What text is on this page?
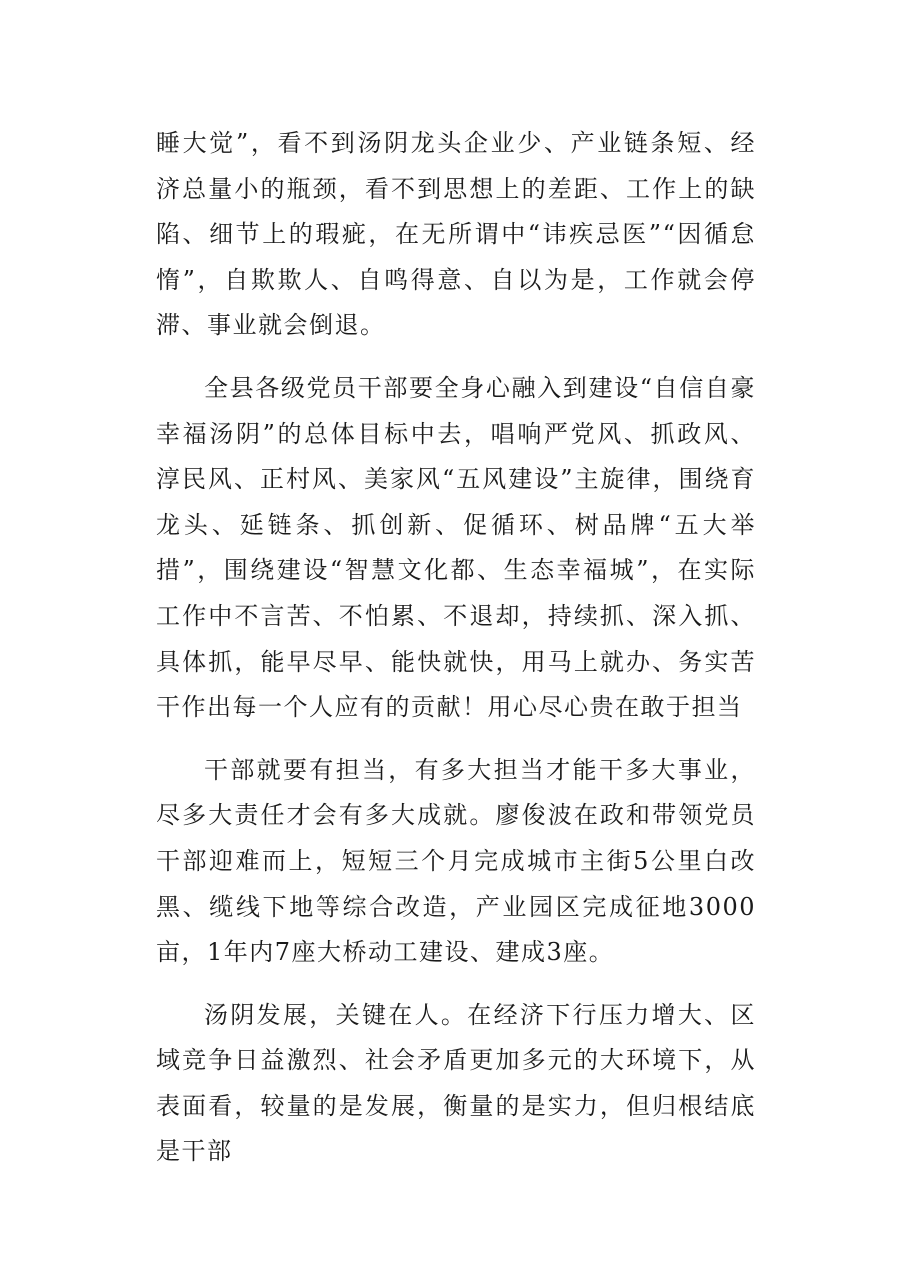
睡大觉”，看不到汤阴龙头企业少、产业链条短、经济总量小的瓶颈，看不到思想上的差距、工作上的缺陷、细节上的瑕疵，在无所谓中“讳疾忌医”“因循怠惰”，自欺欺人、自鸣得意、自以为是，工作就会停滞、事业就会倒退。

全县各级党员干部要全身心融入到建设“自信自豪幸福汤阴”的总体目标中去，唱响严党风、抓政风、淳民风、正村风、美家风“五风建设”主旋律，围绕育龙头、延链条、抓创新、促循环、树品牌“五大举措”，围绕建设“智慧文化都、生态幸福城”，在实际工作中不言苦、不怕累、不退却，持续抓、深入抓、具体抓，能早尽早、能快就快，用马上就办、务实苦干作出每一个人应有的贡献！用心尽心贵在敢于担当

干部就要有担当，有多大担当才能干多大事业，尽多大责任才会有多大成就。廖俊波在政和带领党员干部迎难而上，短短三个月完成城市主街5公里白改黑、缆线下地等综合改造，产业园区完成征地3000亩，1年内7座大桥动工建设、建成3座。

汤阴发展，关键在人。在经济下行压力增大、区域竞争日益激烈、社会矛盾更加多元的大环境下，从表面看，较量的是发展，衡量的是实力，但归根结底是干部
